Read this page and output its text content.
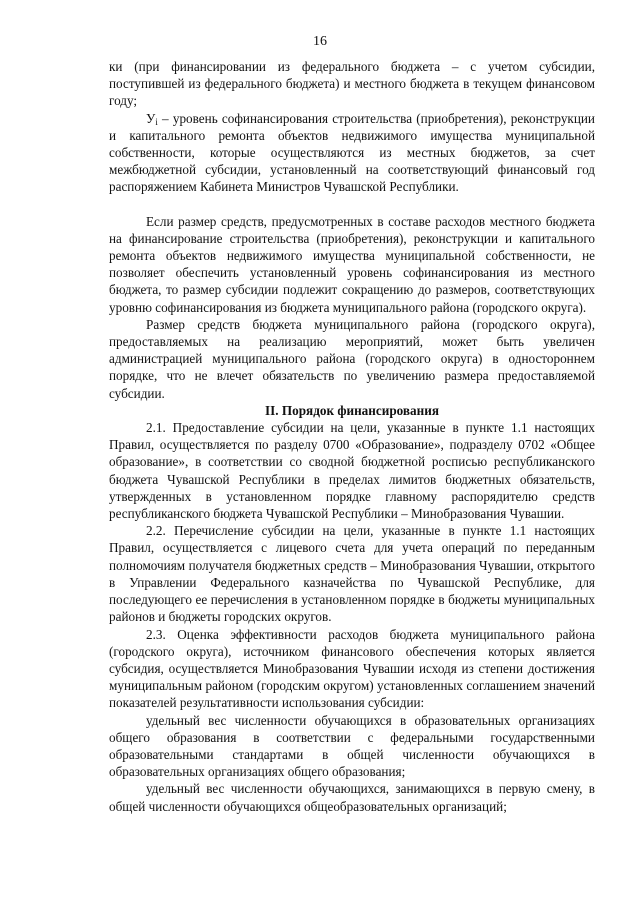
16

ки (при финансировании из федерального бюджета – с учетом субсидии, поступившей из федерального бюджета) и местного бюджета в текущем финансовом году;

$У_i$ – уровень софинансирования строительства (приобретения), реконструкции и капитального ремонта объектов недвижимого имущества муниципальной собственности, которые осуществляются из местных бюджетов, за счет межбюджетной субсидии, установленный на соответствующий финансовый год распоряжением Кабинета Министров Чувашской Республики.

Если размер средств, предусмотренных в составе расходов местного бюджета на финансирование строительства (приобретения), реконструкции и капитального ремонта объектов недвижимого имущества муниципальной собственности, не позволяет обеспечить установленный уровень софинансирования из местного бюджета, то размер субсидии подлежит сокращению до размеров, соответствующих уровню софинансирования из бюджета муниципального района (городского округа).

Размер средств бюджета муниципального района (городского округа), предоставляемых на реализацию мероприятий, может быть увеличен администрацией муниципального района (городского округа) в одностороннем порядке, что не влечет обязательств по увеличению размера предоставляемой субсидии.

II. Порядок финансирования

2.1. Предоставление субсидии на цели, указанные в пункте 1.1 настоящих Правил, осуществляется по разделу 0700 «Образование», подразделу 0702 «Общее образование», в соответствии со сводной бюджетной росписью республиканского бюджета Чувашской Республики в пределах лимитов бюджетных обязательств, утвержденных в установленном порядке главному распорядителю средств республиканского бюджета Чувашской Республики – Минобразования Чувашии.

2.2. Перечисление субсидии на цели, указанные в пункте 1.1 настоящих Правил, осуществляется с лицевого счета для учета операций по переданным полномочиям получателя бюджетных средств – Минобразования Чувашии, открытого в Управлении Федерального казначейства по Чувашской Республике, для последующего ее перечисления в установленном порядке в бюджеты муниципальных районов и бюджеты городских округов.

2.3. Оценка эффективности расходов бюджета муниципального района (городского округа), источником финансового обеспечения которых является субсидия, осуществляется Минобразования Чувашии исходя из степени достижения муниципальным районом (городским округом) установленных соглашением значений показателей результативности использования субсидии:

удельный вес численности обучающихся в образовательных организациях общего образования в соответствии с федеральными государственными образовательными стандартами в общей численности обучающихся в образовательных организациях общего образования;

удельный вес численности обучающихся, занимающихся в первую смену, в общей численности обучающихся общеобразовательных организаций;
